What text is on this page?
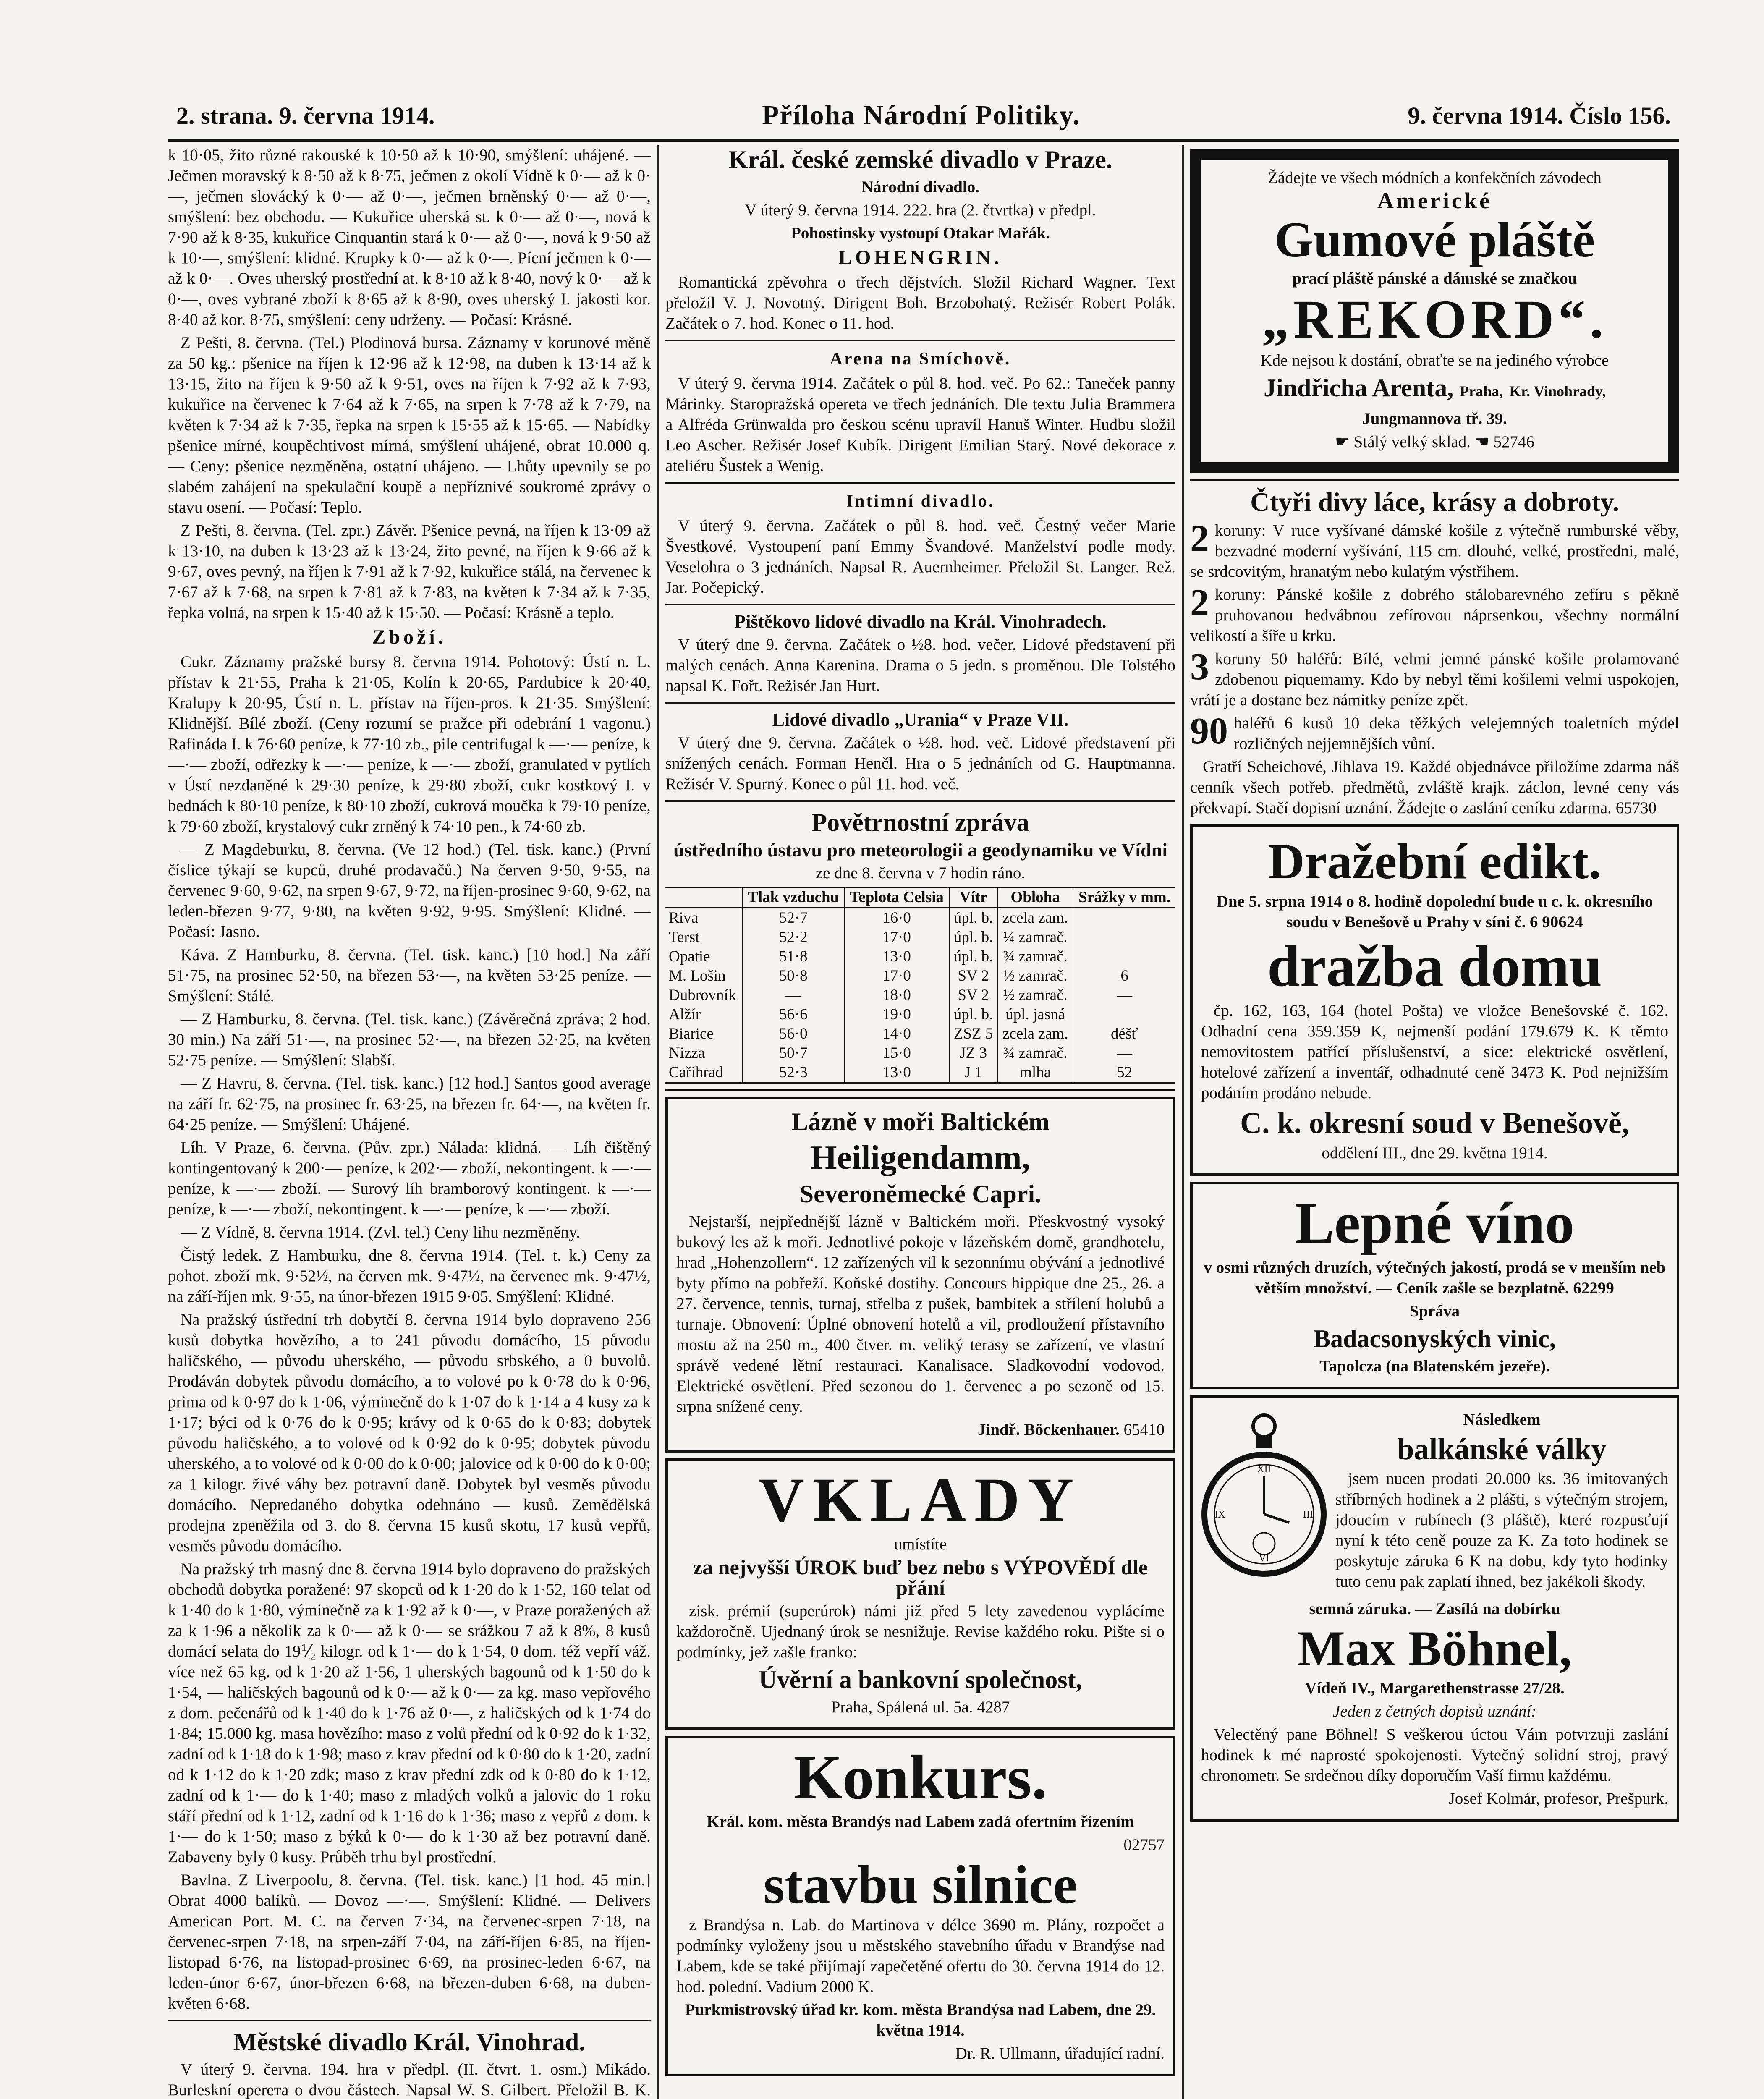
2. strana. 9. června 1914.	Příloha Národní Politiky.	9. června 1914. Číslo 156.

k 10·05, žito různé rakouské k 10·50 až k 10·90, smýšlení: uhájené. — Ječmen moravský k 8·50 až k 8·75, ječmen z okolí Vídně k 0·— až k 0·—, ječmen slovácký k 0·— až 0·—, ječmen brněnský 0·— až 0·—, smýšlení: bez obchodu. — Kukuřice uherská st. k 0·— až 0·—, nová k 7·90 až k 8·35, kukuřice Cinquantin stará k 0·— až 0·—, nová k 9·50 až k 10·—, smýšlení: klidné. Krupky k 0·— až k 0·—. Pícní ječmen k 0·— až k 0·—. Oves uherský prostřední at. k 8·10 až k 8·40, nový k 0·— až k 0·—, oves vybrané zboží k 8·65 až k 8·90, oves uherský I. jakosti kor. 8·40 až kor. 8·75, smýšlení: ceny udrženy. — Počasí: Krásné.

Z Pešti, 8. června. (Tel.) Plodinová bursa. Záznamy v korunové měně za 50 kg.: pšenice na říjen k 12·96 až k 12·98, na duben k 13·14 až k 13·15, žito na říjen k 9·50 až k 9·51, oves na říjen k 7·92 až k 7·93, kukuřice na červenec k 7·64 až k 7·65, na srpen k 7·78 až k 7·79, na květen k 7·34 až k 7·35, řepka na srpen k 15·55 až k 15·65. — Nabídky pšenice mírné, koupěchtivost mírná, smýšlení uhájené, obrat 10.000 q. — Ceny: pšenice nezměněna, ostatní uhájeno. — Lhůty upevnily se po slabém zahájení na spekulační koupě a nepříznivé soukromé zprávy o stavu osení. — Počasí: Teplo.

Z Pešti, 8. června. (Tel. zpr.) Závěr. Pšenice pevná, na říjen k 13·09 až k 13·10, na duben k 13·23 až k 13·24, žito pevné, na říjen k 9·66 až k 9·67, oves pevný, na říjen k 7·91 až k 7·92, kukuřice stálá, na červenec k 7·67 až k 7·68, na srpen k 7·81 až k 7·83, na květen k 7·34 až k 7·35, řepka volná, na srpen k 15·40 až k 15·50. — Počasí: Krásně a teplo.

Zboží.

Cukr. Záznamy pražské bursy 8. června 1914. Pohotový: Ústí n. L. přístav k 21·55, Praha k 21·05, Kolín k 20·65, Pardubice k 20·40, Kralupy k 20·95, Ústí n. L. přístav na říjen-pros. k 21·35. Smýšlení: Klidnější. Bílé zboží. (Ceny rozumí se pražce při odebrání 1 vagonu.) Rafináda I. k 76·60 peníze, k 77·10 zb., pile centrifugal k —·— peníze, k —·— zboží, odřezky k —·— peníze, k —·— zboží, granulated v pytlích v Ústí nezdaněné k 29·30 peníze, k 29·80 zboží, cukr kostkový I. v bednách k 80·10 peníze, k 80·10 zboží, cukrová moučka k 79·10 peníze, k 79·60 zboží, krystalový cukr zrněný k 74·10 pen., k 74·60 zb.

— Z Magdeburku, 8. června. (Ve 12 hod.) (Tel. tisk. kanc.) (První číslice týkají se kupců, druhé prodavačů.) Na červen 9·50, 9·55, na červenec 9·60, 9·62, na srpen 9·67, 9·72, na říjen-prosinec 9·60, 9·62, na leden-březen 9·77, 9·80, na květen 9·92, 9·95. Smýšlení: Klidné. — Počasí: Jasno.

Káva. Z Hamburku, 8. června. (Tel. tisk. kanc.) [10 hod.] Na září 51·75, na prosinec 52·50, na březen 53·—, na květen 53·25 peníze. — Smýšlení: Stálé.

— Z Hamburku, 8. června. (Tel. tisk. kanc.) (Závěrečná zpráva; 2 hod. 30 min.) Na září 51·—, na prosinec 52·—, na březen 52·25, na květen 52·75 peníze. — Smýšlení: Slabší.

— Z Havru, 8. června. (Tel. tisk. kanc.) [12 hod.] Santos good average na září fr. 62·75, na prosinec fr. 63·25, na březen fr. 64·—, na květen fr. 64·25 peníze. — Smýšlení: Uhájené.

Líh. V Praze, 6. června. (Pův. zpr.) Nálada: klidná. — Líh čištěný kontingentovaný k 200·— peníze, k 202·— zboží, nekontingent. k —·— peníze, k —·— zboží. — Surový líh bramborový kontingent. k —·— peníze, k —·— zboží, nekontingent. k —·— peníze, k —·— zboží.

— Z Vídně, 8. června 1914. (Zvl. tel.) Ceny lihu nezměněny.

Čistý ledek. Z Hamburku, dne 8. června 1914. (Tel. t. k.) Ceny za pohot. zboží mk. 9·52½, na červen mk. 9·47½, na červenec mk. 9·47½, na září-říjen mk. 9·55, na únor-březen 1915 9·05. Smýšlení: Klidné.

Na pražský ústřední trh dobytčí 8. června 1914 bylo dopraveno 256 kusů dobytka hovězího, a to 241 původu domácího, 15 původu haličského, — původu uherského, — původu srbského, a 0 buvolů. Prodáván dobytek původu domácího, a to volové po k 0·78 do k 0·96, prima od k 0·97 do k 1·06, výminečně do k 1·07 do k 1·14 a 4 kusy za k 1·17; býci od k 0·76 do k 0·95; krávy od k 0·65 do k 0·83; dobytek původu haličského, a to volové od k 0·92 do k 0·95; dobytek původu uherského, a to volové od k 0·00 do k 0·00; jalovice od k 0·00 do k 0·00; za 1 kilogr. živé váhy bez potravní daně. Dobytek byl vesměs původu domácího. Nepredaného dobytka odehnáno — kusů. Zemědělská prodejna zpeněžila od 3. do 8. června 15 kusů skotu, 17 kusů vepřů, vesměs původu domácího.

Na pražský trh masný dne 8. června 1914 bylo dopraveno do pražských obchodů dobytka poražené: 97 skopců od k 1·20 do k 1·52, 160 telat od k 1·40 do k 1·80, výminečně za k 1·92 až k 0·—, v Praze poražených až za k 1·96 a několik za k 0·— až k 0·— se srážkou 7 až k 8%, 8 kusů domácí selata do 19⅟₂ kilogr. od k 1·— do k 1·54, 0 dom. též vepří váž. více než 65 kg. od k 1·20 až 1·56, 1 uherských bagounů od k 1·50 do k 1·54, — haličských bagounů od k 0·— až k 0·— za kg. maso vepřového z dom. pečenářů od k 1·40 do k 1·76 až 0·—, z haličských od k 1·74 do 1·84; 15.000 kg. masa hovězího: maso z volů přední od k 0·92 do k 1·32, zadní od k 1·18 do k 1·98; maso z krav přední od k 0·80 do k 1·20, zadní od k 1·12 do k 1·20 zdk; maso z krav přední zdk od k 0·80 do k 1·12, zadní od k 1·— do k 1·40; maso z mladých volků a jalovic do 1 roku stáří přední od k 1·12, zadní od k 1·16 do k 1·36; maso z vepřů z dom. k 1·— do k 1·50; maso z býků k 0·— do k 1·30 až bez potravní daně. Zabaveny byly 0 kusy. Průběh trhu byl prostřední.

Bavlna. Z Liverpoolu, 8. června. (Tel. tisk. kanc.) [1 hod. 45 min.] Obrat 4000 balíků. — Dovoz —·—. Smýšlení: Klidné. — Delivers American Port. M. C. na červen 7·34, na červenec-srpen 7·18, na červenec-srpen 7·18, na srpen-září 7·04, na září-říjen 6·85, na říjen-listopad 6·76, na listopad-prosinec 6·69, na prosinec-leden 6·67, na leden-únor 6·67, únor-březen 6·68, na březen-duben 6·68, na duben-květen 6·68.

Městské divadlo Král. Vinohrad.

V úterý 9. června. 194. hra v předpl. (II. čtvrt. 1. osm.) Mikádo. Burleskní operета o dvou částech. Napsal W. S. Gilbert. Přeložil B. K.

Král. české zemské divadlo v Praze.

Národní divadlo.

V úterý 9. června 1914. 222. hra (2. čtvrtka) v předpl.

Pohostinsky vystoupí Otakar Mařák.

LOHENGRIN.

Romantická zpěvohra o třech dějstvích. Složil Richard Wagner. Text přeložil V. J. Novotný. Dirigent Boh. Brzobohatý. Režisér Robert Polák. Začátek o 7. hod. Konec o 11. hod.

Arena na Smíchově.

V úterý 9. června 1914. Začátek o půl 8. hod. več. Po 62.: Taneček panny Márinky. Staropražská opereta ve třech jednáních. Dle textu Julia Brammera a Alfréda Grünwalda pro českou scénu upravil Hanuš Winter. Hudbu složil Leo Ascher. Režisér Josef Kubík. Dirigent Emilian Starý. Nové dekorace z ateliéru Šustek a Wenig.

Intimní divadlo.

V úterý 9. června. Začátek o půl 8. hod. več. Čestný večer Marie Švestkové. Vystoupení paní Emmy Švandové. Manželství podle mody. Veselohra o 3 jednáních. Napsal R. Auernheimer. Přeložil St. Langer. Rež. Jar. Počepický.

Pištěkovo lidové divadlo na Král. Vinohradech.

V úterý dne 9. června. Začátek o ½8. hod. večer. Lidové představení při malých cenách. Anna Karenina. Drama o 5 jedn. s proměnou. Dle Tolstého napsal K. Fořt. Režisér Jan Hurt.

Lidové divadlo „Urania“ v Praze VII.

V úterý dne 9. června. Začátek o ½8. hod. več. Lidové představení při snížených cenách. Forman Henčl. Hra o 5 jednáních od G. Hauptmanna. Režisér V. Spurný. Konec o půl 11. hod. več.

Povětrnostní zpráva

ústředního ústavu pro meteorologii a geodynamiku ve Vídni

ze dne 8. června v 7 hodin ráno.

	Tlak vzduchu	Teplota Celsia	Vítr	Obloha	Srážky v mm.
Riva	52·7	16·0	úpl. b.	zcela zam.	
Terst	52·2	17·0	úpl. b.	¼ zamrač.	
Opatie	51·8	13·0	úpl. b.	¾ zamrač.	
M. Lošin	50·8	17·0	SV 2	½ zamrač.	6
Dubrovník	—	18·0	SV 2	½ zamrač.	—
Alžír	56·6	19·0	úpl. b.	úpl. jasná	
Biarice	56·0	14·0	ZSZ 5	zcela zam.	déšť
Nizza	50·7	15·0	JZ 3	¾ zamrač.	—
Cařihrad	52·3	13·0	J 1	mlha	52

Lázně v moři Baltickém

Heiligendamm,

Severoněmecké Capri.

Nejstarší, nejpřednější lázně v Baltickém moři. Přeskvostný vysoký bukový les až k moři. Jednotlivé pokoje v lázeňském domě, grandhotelu, hrad „Hohenzollern“. 12 zařízených vil k sezonnímu obývání a jednotlivé byty přímo na pobřeží. Koňské dostihy. Concours hippique dne 25., 26. a 27. července, tennis, turnaj, střelba z pušek, bambitek a střílení holubů a turnaje. Obnovení: Úplné obnovení hotelů a vil, prodloužení přístavního mostu až na 250 m., 400 čtver. m. veliký terasy se zařízení, ve vlastní správě vedené lětní restauraci. Kanalisace. Sladkovodní vodovod. Elektrické osvětlení. Před sezonou do 1. červenec a po sezoně od 15. srpna snížené ceny.

Jindř. Böckenhauer. 65410

VKLADY

umístíte

za nejvyšší ÚROK buď bez nebo s VÝPOVĚDÍ dle přání

zisk. prémií (superúrok) námi již před 5 lety zavedenou vyplácíme každoročně. Ujednaný úrok se nesnižuje. Revise každého roku. Pište si o podmínky, jež zašle franko:

Úvěrní a bankovní společnost,

Praha, Spálená ul. 5a. 4287

Konkurs.

Král. kom. města Brandýs nad Labem zadá ofertním řízením

02757

stavbu silnice

z Brandýsa n. Lab. do Martinova v délce 3690 m. Plány, rozpočet a podmínky vyloženy jsou u městského stavebního úřadu v Brandýse nad Labem, kde se také přijímají zapečetěné ofertu do 30. června 1914 do 12. hod. polední. Vadium 2000 K.

Purkmistrovský úřad kr. kom. města Brandýsa nad Labem, dne 29. května 1914.

Dr. R. Ullmann, úřadující radní.

Žádejte ve všech módních a konfekčních závodech

Americké

Gumové pláště

prací pláště pánské a dámské se značkou

„REKORD“.

Kde nejsou k dostání, obraťte se na jediného výrobce

Jindřicha Arenta, Praha, Kr. Vinohrady,

Jungmannova tř. 39.

☛ Stálý velký sklad. ☚ 52746

Čtyři divy láce, krásy a dobroty.

2 koruny: V ruce vyšívané dámské košile z výtečně rumburské věby, bezvadné moderní vyšívání, 115 cm. dlouhé, velké, prostředni, malé, se srdcovitým, hranatým nebo kulatým výstřihem.

2 koruny: Pánské košile z dobrého stálobarevného zefíru s pěkně pruhovanou hedvábnou zefírovou náprsenkou, všechny normální velikostí a šíře u krku.

3 koruny 50 haléřů: Bílé, velmi jemné pánské košile prolamované zdobenou piquemamy. Kdo by nebyl těmi košilemi velmi uspokojen, vrátí je a dostane bez námitky peníze zpět.

90 haléřů 6 kusů 10 deka těžkých velejemných toaletních mýdel rozličných nejjemnějších vůní.

Gratří Scheichové, Jihlava 19. Každé objednávce přiložíme zdarma náš cenník všech potřeb. předmětů, zvláště krajk. záclon, levné ceny vás překvapí. Stačí dopisní uznání. Žádejte o zaslání ceníku zdarma. 65730

Dražební edikt.

Dne 5. srpna 1914 o 8. hodině dopolední bude u c. k. okresního soudu v Benešově u Prahy v síni č. 6 90624

dražba domu

čp. 162, 163, 164 (hotel Pošta) ve vložce Benešovské č. 162. Odhadní cena 359.359 K, nejmenší podání 179.679 K. K těmto nemovitostem patřící příslušenství, a sice: elektrické osvětlení, hotelové zařízení a inventář, odhadnuté ceně 3473 K. Pod nejnižším podáním prodáno nebude.

C. k. okresní soud v Benešově,

oddělení III., dne 29. května 1914.

Lepné víno

v osmi různých druzích, výtečných jakostí, prodá se v menším neb větším množství. — Ceník zašle se bezplatně. 62299

Správa

Badacsonyských vinic,

Tapolcza (na Blatenském jezeře).

XII
III
VI
IX

Následkem

balkánské války

jsem nucen prodati 20.000 ks. 36 imitovaných stříbrných hodinek a 2 plášti, s výtečným strojem, jdoucím v rubínech (3 pláště), které rozpusťují nyní k této ceně pouze za K. Za toto hodinek se poskytuje záruka 6 K na dobu, kdy tyto hodinky tuto cenu pak zaplatí ihned, bez jakékoli škody.

semná záruka. — Zasílá na dobírku

Max Böhnel,

Vídeň IV., Margarethenstrasse 27/28.

Jeden z četných dopisů uznání:

Velectěný pane Böhnel! S veškerou úctou Vám potvrzuji zaslání hodinek k mé naprosté spokojenosti. Vytečný solidní stroj, pravý chronometr. Se srdečnou díky doporučím Vaší firmu každému.

Josef Kolmár, profesor, Prešpurk.
